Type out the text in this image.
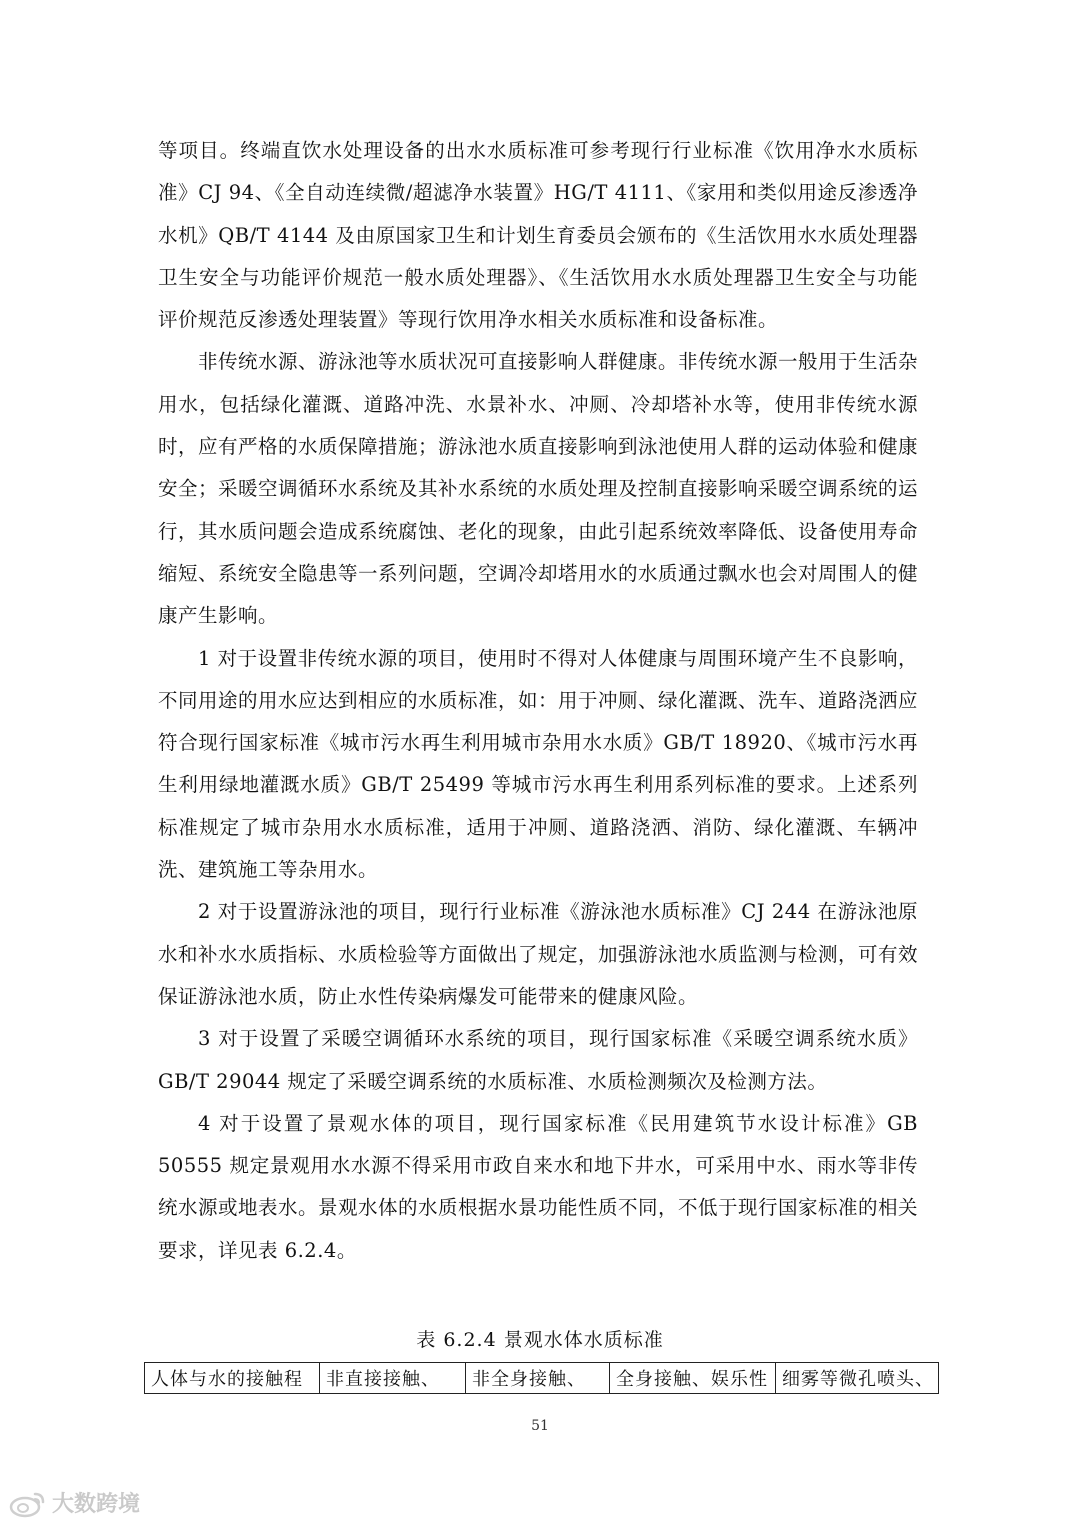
等项目。终端直饮水处理设备的出水水质标准可参考现行行业标准《饮用净水水质标准》CJ 94、《全自动连续微/超滤净水装置》HG/T 4111、《家用和类似用途反渗透净水机》QB/T 4144 及由原国家卫生和计划生育委员会颁布的《生活饮用水水质处理器卫生安全与功能评价规范一般水质处理器》、《生活饮用水水质处理器卫生安全与功能评价规范反渗透处理装置》等现行饮用净水相关水质标准和设备标准。

非传统水源、游泳池等水质状况可直接影响人群健康。非传统水源一般用于生活杂用水，包括绿化灌溉、道路冲洗、水景补水、冲厕、冷却塔补水等，使用非传统水源时，应有严格的水质保障措施；游泳池水质直接影响到泳池使用人群的运动体验和健康安全；采暖空调循环水系统及其补水系统的水质处理及控制直接影响采暖空调系统的运行，其水质问题会造成系统腐蚀、老化的现象，由此引起系统效率降低、设备使用寿命缩短、系统安全隐患等一系列问题，空调冷却塔用水的水质通过飘水也会对周围人的健康产生影响。

1 对于设置非传统水源的项目，使用时不得对人体健康与周围环境产生不良影响，不同用途的用水应达到相应的水质标准，如：用于冲厕、绿化灌溉、洗车、道路浇洒应符合现行国家标准《城市污水再生利用城市杂用水水质》GB/T 18920、《城市污水再生利用绿地灌溉水质》GB/T 25499 等城市污水再生利用系列标准的要求。上述系列标准规定了城市杂用水水质标准，适用于冲厕、道路浇洒、消防、绿化灌溉、车辆冲洗、建筑施工等杂用水。

2 对于设置游泳池的项目，现行行业标准《游泳池水质标准》CJ 244 在游泳池原水和补水水质指标、水质检验等方面做出了规定，加强游泳池水质监测与检测，可有效保证游泳池水质，防止水性传染病爆发可能带来的健康风险。

3 对于设置了采暖空调循环水系统的项目，现行国家标准《采暖空调系统水质》GB/T 29044 规定了采暖空调系统的水质标准、水质检测频次及检测方法。

4 对于设置了景观水体的项目，现行国家标准《民用建筑节水设计标准》GB 50555 规定景观用水水源不得采用市政自来水和地下井水，可采用中水、雨水等非传统水源或地表水。景观水体的水质根据水景功能性质不同，不低于现行国家标准的相关要求，详见表 6.2.4。

表 6.2.4 景观水体水质标准
人体与水的接触程	非直接接触、	非全身接触、	全身接触、娱乐性	细雾等微孔喷头、
51
大数跨境
